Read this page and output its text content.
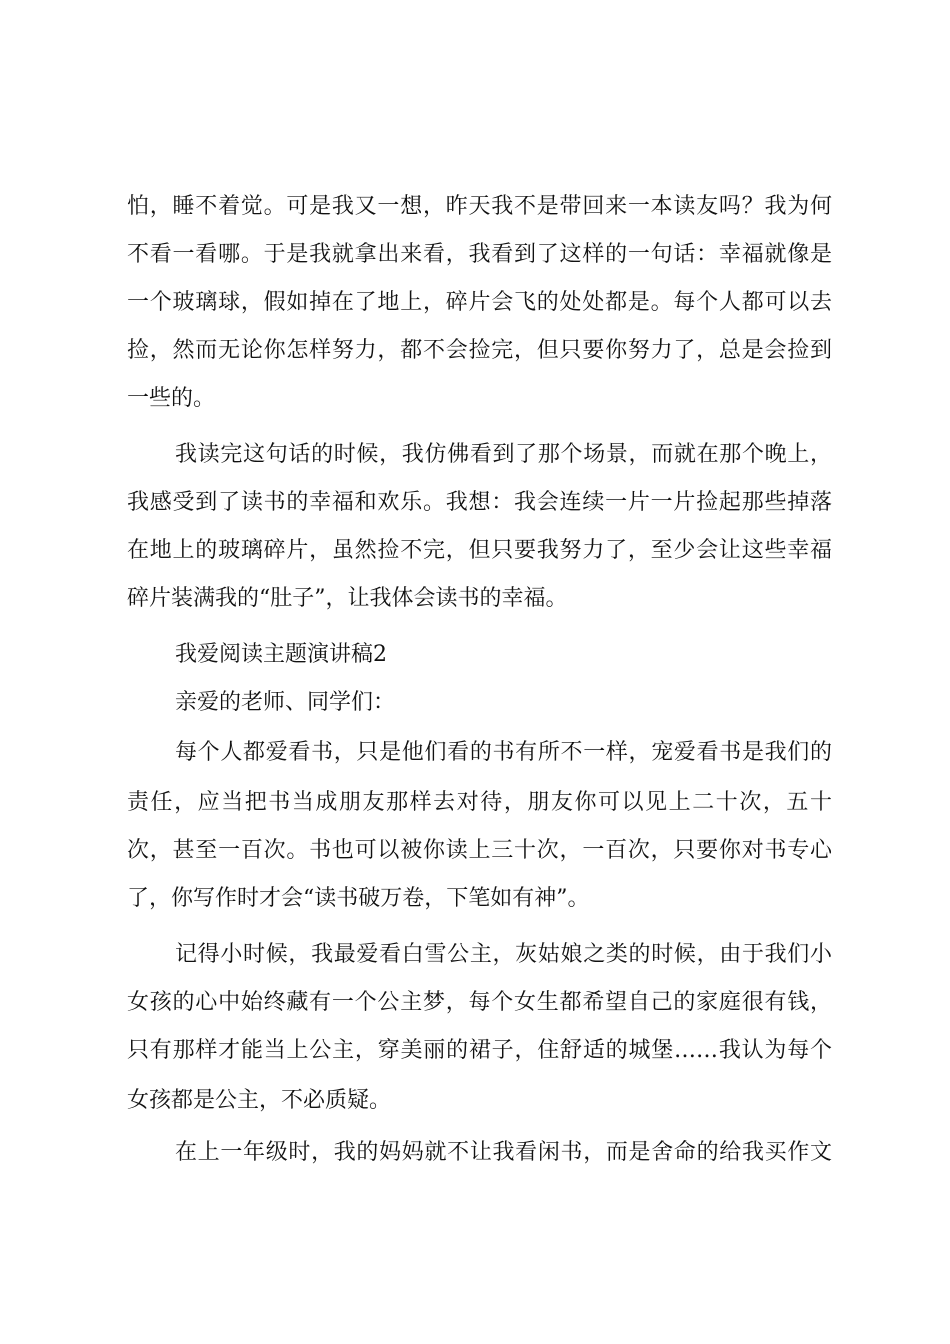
怕，睡不着觉。可是我又一想，昨天我不是带回来一本读友吗？我为何
不看一看哪。于是我就拿出来看，我看到了这样的一句话：幸福就像是
一个玻璃球，假如掉在了地上，碎片会飞的处处都是。每个人都可以去
捡，然而无论你怎样努力，都不会捡完，但只要你努力了，总是会捡到
一些的。
我读完这句话的时候，我仿佛看到了那个场景，而就在那个晚上，
我感受到了读书的幸福和欢乐。我想：我会连续一片一片捡起那些掉落
在地上的玻璃碎片，虽然捡不完，但只要我努力了，至少会让这些幸福
碎片装满我的“肚子”，让我体会读书的幸福。
我爱阅读主题演讲稿2
亲爱的老师、同学们：
每个人都爱看书，只是他们看的书有所不一样，宠爱看书是我们的
责任，应当把书当成朋友那样去对待，朋友你可以见上二十次，五十
次，甚至一百次。书也可以被你读上三十次，一百次，只要你对书专心
了，你写作时才会“读书破万卷，下笔如有神”。
记得小时候，我最爱看白雪公主，灰姑娘之类的时候，由于我们小
女孩的心中始终藏有一个公主梦，每个女生都希望自己的家庭很有钱，
只有那样才能当上公主，穿美丽的裙子，住舒适的城堡……我认为每个
女孩都是公主，不必质疑。
在上一年级时，我的妈妈就不让我看闲书，而是舍命的给我买作文
